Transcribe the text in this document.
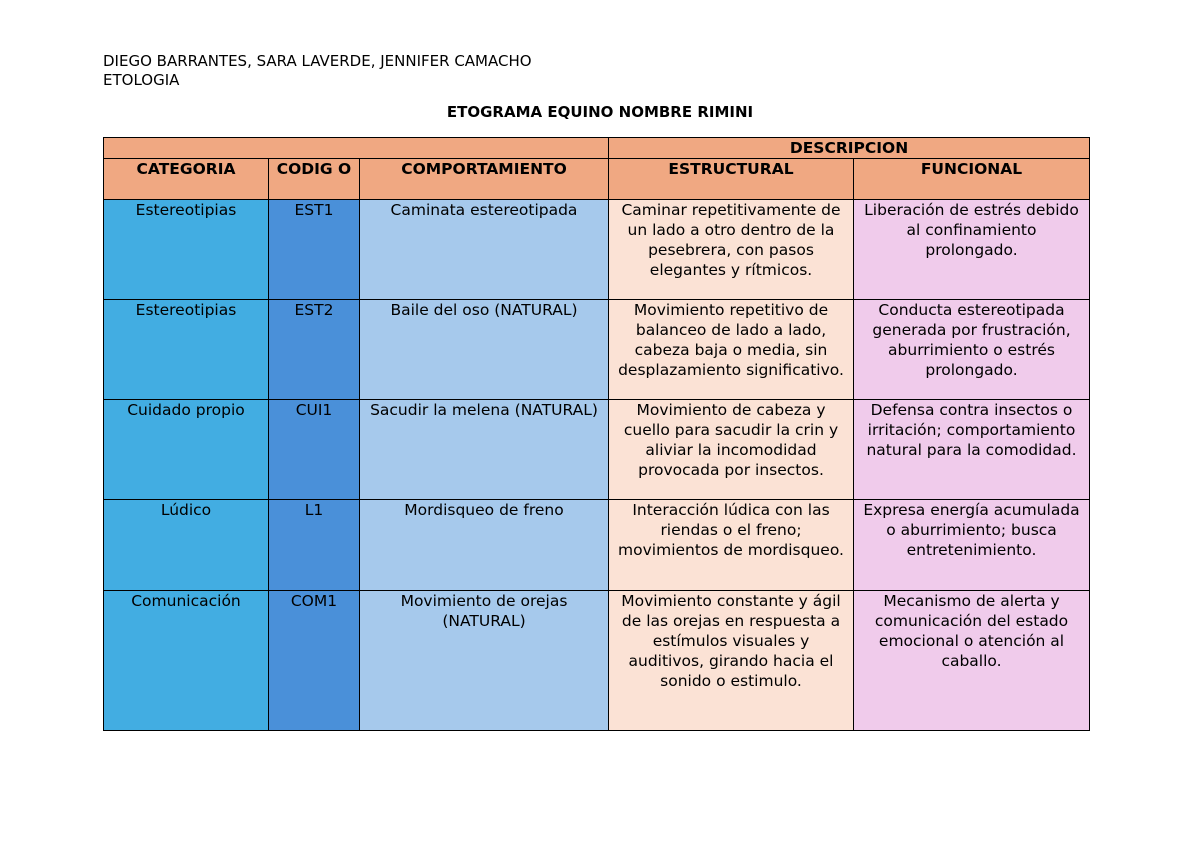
DIEGO BARRANTES, SARA LAVERDE, JENNIFER CAMACHO
ETOLOGIA
ETOGRAMA EQUINO NOMBRE RIMINI
			DESCRIPCION	
CATEGORIA	CODIG O	COMPORTAMIENTO	ESTRUCTURAL	FUNCIONAL
Estereotipias	EST1	Caminata estereotipada	Caminar repetitivamente de un lado a otro dentro de la pesebrera, con pasos elegantes y rítmicos.	Liberación de estrés debido al confinamiento prolongado.
Estereotipias	EST2	Baile del oso (NATURAL)	Movimiento repetitivo de balanceo de lado a lado, cabeza baja o media, sin desplazamiento significativo.	Conducta estereotipada generada por frustración, aburrimiento o estrés prolongado.
Cuidado propio	CUI1	Sacudir la melena (NATURAL)	Movimiento de cabeza y cuello para sacudir la crin y aliviar la incomodidad provocada por insectos.	Defensa contra insectos o irritación; comportamiento natural para la comodidad.
Lúdico	L1	Mordisqueo de freno	Interacción lúdica con las riendas o el freno; movimientos de mordisqueo.	Expresa energía acumulada o aburrimiento; busca entretenimiento.
Comunicación	COM1	Movimiento de orejas (NATURAL)	Movimiento constante y ágil de las orejas en respuesta a estímulos visuales y auditivos, girando hacia el sonido o estimulo.	Mecanismo de alerta y comunicación del estado emocional o atención al caballo.
